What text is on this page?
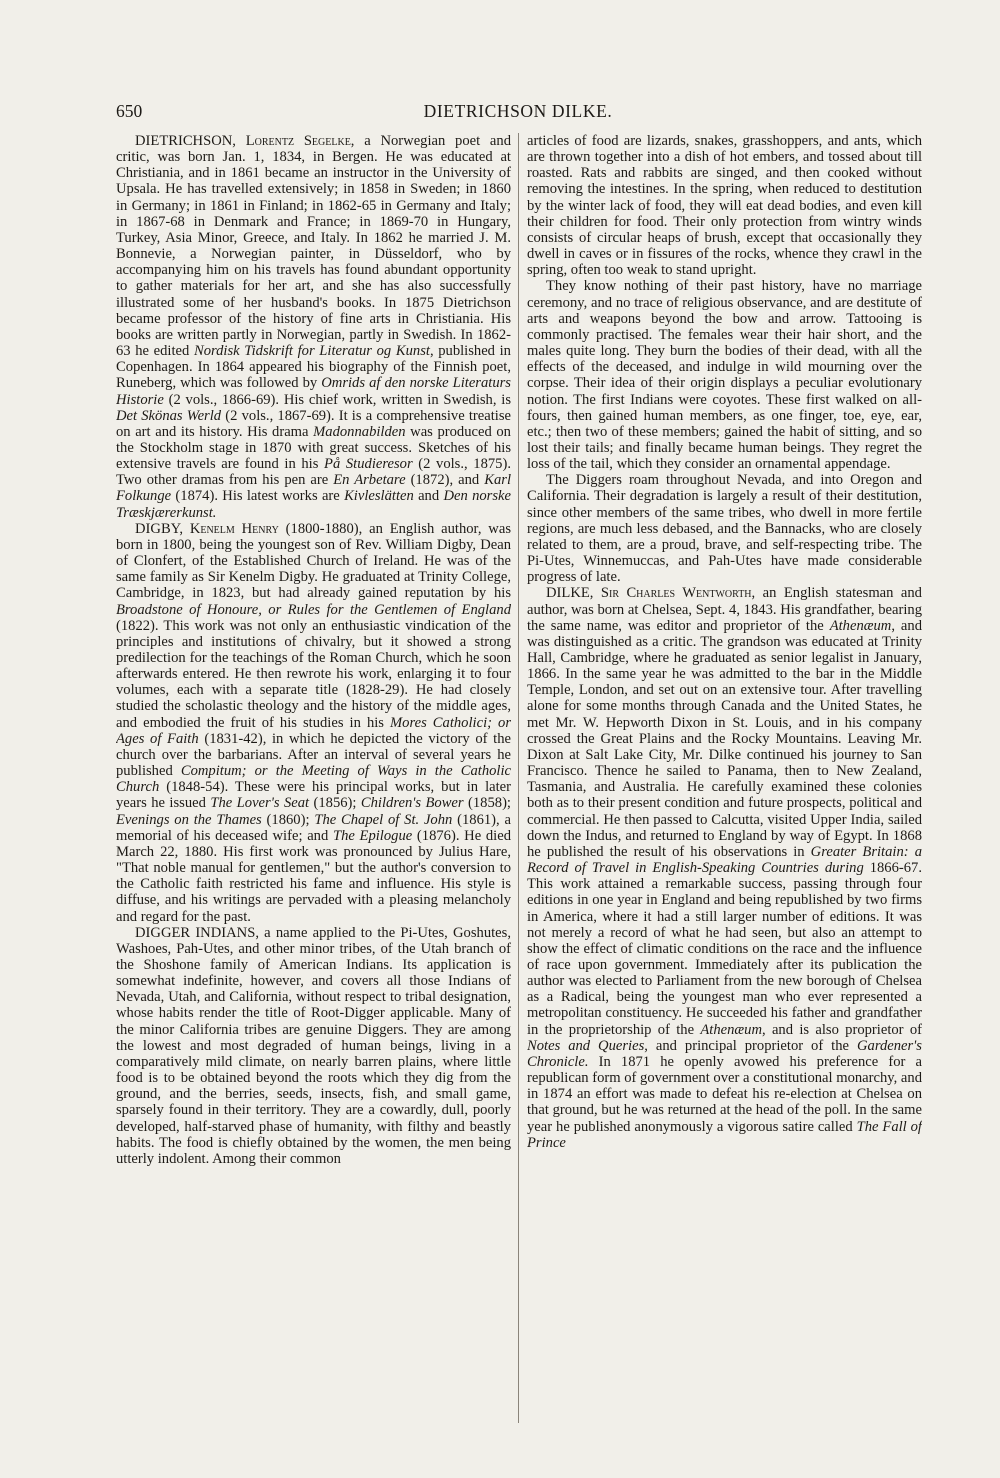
650	DIETRICHSON DILKE.

DIETRICHSON, Lorentz Segelke, a Norwegian poet and critic, was born Jan. 1, 1834, in Bergen. He was educated at Christiania, and in 1861 became an instructor in the University of Upsala. He has travelled extensively; in 1858 in Sweden; in 1860 in Germany; in 1861 in Finland; in 1862-65 in Germany and Italy; in 1867-68 in Denmark and France; in 1869-70 in Hungary, Turkey, Asia Minor, Greece, and Italy. In 1862 he married J. M. Bonnevie, a Norwegian painter, in Düsseldorf, who by accompanying him on his travels has found abundant opportunity to gather materials for her art, and she has also successfully illustrated some of her husband's books. In 1875 Dietrichson became professor of the history of fine arts in Christiania. His books are written partly in Norwegian, partly in Swedish. In 1862-63 he edited Nordisk Tidskrift for Literatur og Kunst, published in Copenhagen. In 1864 appeared his biography of the Finnish poet, Runeberg, which was followed by Omrids af den norske Literaturs Historie (2 vols., 1866-69). His chief work, written in Swedish, is Det Skönas Werld (2 vols., 1867-69). It is a comprehensive treatise on art and its history. His drama Madonnabilden was produced on the Stockholm stage in 1870 with great success. Sketches of his extensive travels are found in his På Studieresor (2 vols., 1875). Two other dramas from his pen are En Arbetare (1872), and Karl Folkunge (1874). His latest works are Kivleslätten and Den norske Træskjærerkunst.

DIGBY, Kenelm Henry (1800-1880), an English author, was born in 1800, being the youngest son of Rev. William Digby, Dean of Clonfert, of the Established Church of Ireland. He was of the same family as Sir Kenelm Digby. He graduated at Trinity College, Cambridge, in 1823, but had already gained reputation by his Broadstone of Honoure, or Rules for the Gentlemen of England (1822). This work was not only an enthusiastic vindication of the principles and institutions of chivalry, but it showed a strong predilection for the teachings of the Roman Church, which he soon afterwards entered. He then rewrote his work, enlarging it to four volumes, each with a separate title (1828-29). He had closely studied the scholastic theology and the history of the middle ages, and embodied the fruit of his studies in his Mores Catholici; or Ages of Faith (1831-42), in which he depicted the victory of the church over the barbarians. After an interval of several years he published Compitum; or the Meeting of Ways in the Catholic Church (1848-54). These were his principal works, but in later years he issued The Lover's Seat (1856); Children's Bower (1858); Evenings on the Thames (1860); The Chapel of St. John (1861), a memorial of his deceased wife; and The Epilogue (1876). He died March 22, 1880. His first work was pronounced by Julius Hare, "That noble manual for gentlemen," but the author's conversion to the Catholic faith restricted his fame and influence. His style is diffuse, and his writings are pervaded with a pleasing melancholy and regard for the past.

DIGGER INDIANS, a name applied to the Pi-Utes, Goshutes, Washoes, Pah-Utes, and other minor tribes, of the Utah branch of the Shoshone family of American Indians. Its application is somewhat indefinite, however, and covers all those Indians of Nevada, Utah, and California, without respect to tribal designation, whose habits render the title of Root-Digger applicable. Many of the minor California tribes are genuine Diggers. They are among the lowest and most degraded of human beings, living in a comparatively mild climate, on nearly barren plains, where little food is to be obtained beyond the roots which they dig from the ground, and the berries, seeds, insects, fish, and small game, sparsely found in their territory. They are a cowardly, dull, poorly developed, half-starved phase of humanity, with filthy and beastly habits. The food is chiefly obtained by the women, the men being utterly indolent. Among their common

articles of food are lizards, snakes, grasshoppers, and ants, which are thrown together into a dish of hot embers, and tossed about till roasted. Rats and rabbits are singed, and then cooked without removing the intestines. In the spring, when reduced to destitution by the winter lack of food, they will eat dead bodies, and even kill their children for food. Their only protection from wintry winds consists of circular heaps of brush, except that occasionally they dwell in caves or in fissures of the rocks, whence they crawl in the spring, often too weak to stand upright.

They know nothing of their past history, have no marriage ceremony, and no trace of religious observance, and are destitute of arts and weapons beyond the bow and arrow. Tattooing is commonly practised. The females wear their hair short, and the males quite long. They burn the bodies of their dead, with all the effects of the deceased, and indulge in wild mourning over the corpse. Their idea of their origin displays a peculiar evolutionary notion. The first Indians were coyotes. These first walked on all-fours, then gained human members, as one finger, toe, eye, ear, etc.; then two of these members; gained the habit of sitting, and so lost their tails; and finally became human beings. They regret the loss of the tail, which they consider an ornamental appendage.

The Diggers roam throughout Nevada, and into Oregon and California. Their degradation is largely a result of their destitution, since other members of the same tribes, who dwell in more fertile regions, are much less debased, and the Bannacks, who are closely related to them, are a proud, brave, and self-respecting tribe. The Pi-Utes, Winnemuccas, and Pah-Utes have made considerable progress of late.

DILKE, Sir Charles Wentworth, an English statesman and author, was born at Chelsea, Sept. 4, 1843. His grandfather, bearing the same name, was editor and proprietor of the Athenæum, and was distinguished as a critic. The grandson was educated at Trinity Hall, Cambridge, where he graduated as senior legalist in January, 1866. In the same year he was admitted to the bar in the Middle Temple, London, and set out on an extensive tour. After travelling alone for some months through Canada and the United States, he met Mr. W. Hepworth Dixon in St. Louis, and in his company crossed the Great Plains and the Rocky Mountains. Leaving Mr. Dixon at Salt Lake City, Mr. Dilke continued his journey to San Francisco. Thence he sailed to Panama, then to New Zealand, Tasmania, and Australia. He carefully examined these colonies both as to their present condition and future prospects, political and commercial. He then passed to Calcutta, visited Upper India, sailed down the Indus, and returned to England by way of Egypt. In 1868 he published the result of his observations in Greater Britain: a Record of Travel in English-Speaking Countries during 1866-67. This work attained a remarkable success, passing through four editions in one year in England and being republished by two firms in America, where it had a still larger number of editions. It was not merely a record of what he had seen, but also an attempt to show the effect of climatic conditions on the race and the influence of race upon government. Immediately after its publication the author was elected to Parliament from the new borough of Chelsea as a Radical, being the youngest man who ever represented a metropolitan constituency. He succeeded his father and grandfather in the proprietorship of the Athenæum, and is also proprietor of Notes and Queries, and principal proprietor of the Gardener's Chronicle. In 1871 he openly avowed his preference for a republican form of government over a constitutional monarchy, and in 1874 an effort was made to defeat his re-election at Chelsea on that ground, but he was returned at the head of the poll. In the same year he published anonymously a vigorous satire called The Fall of Prince
